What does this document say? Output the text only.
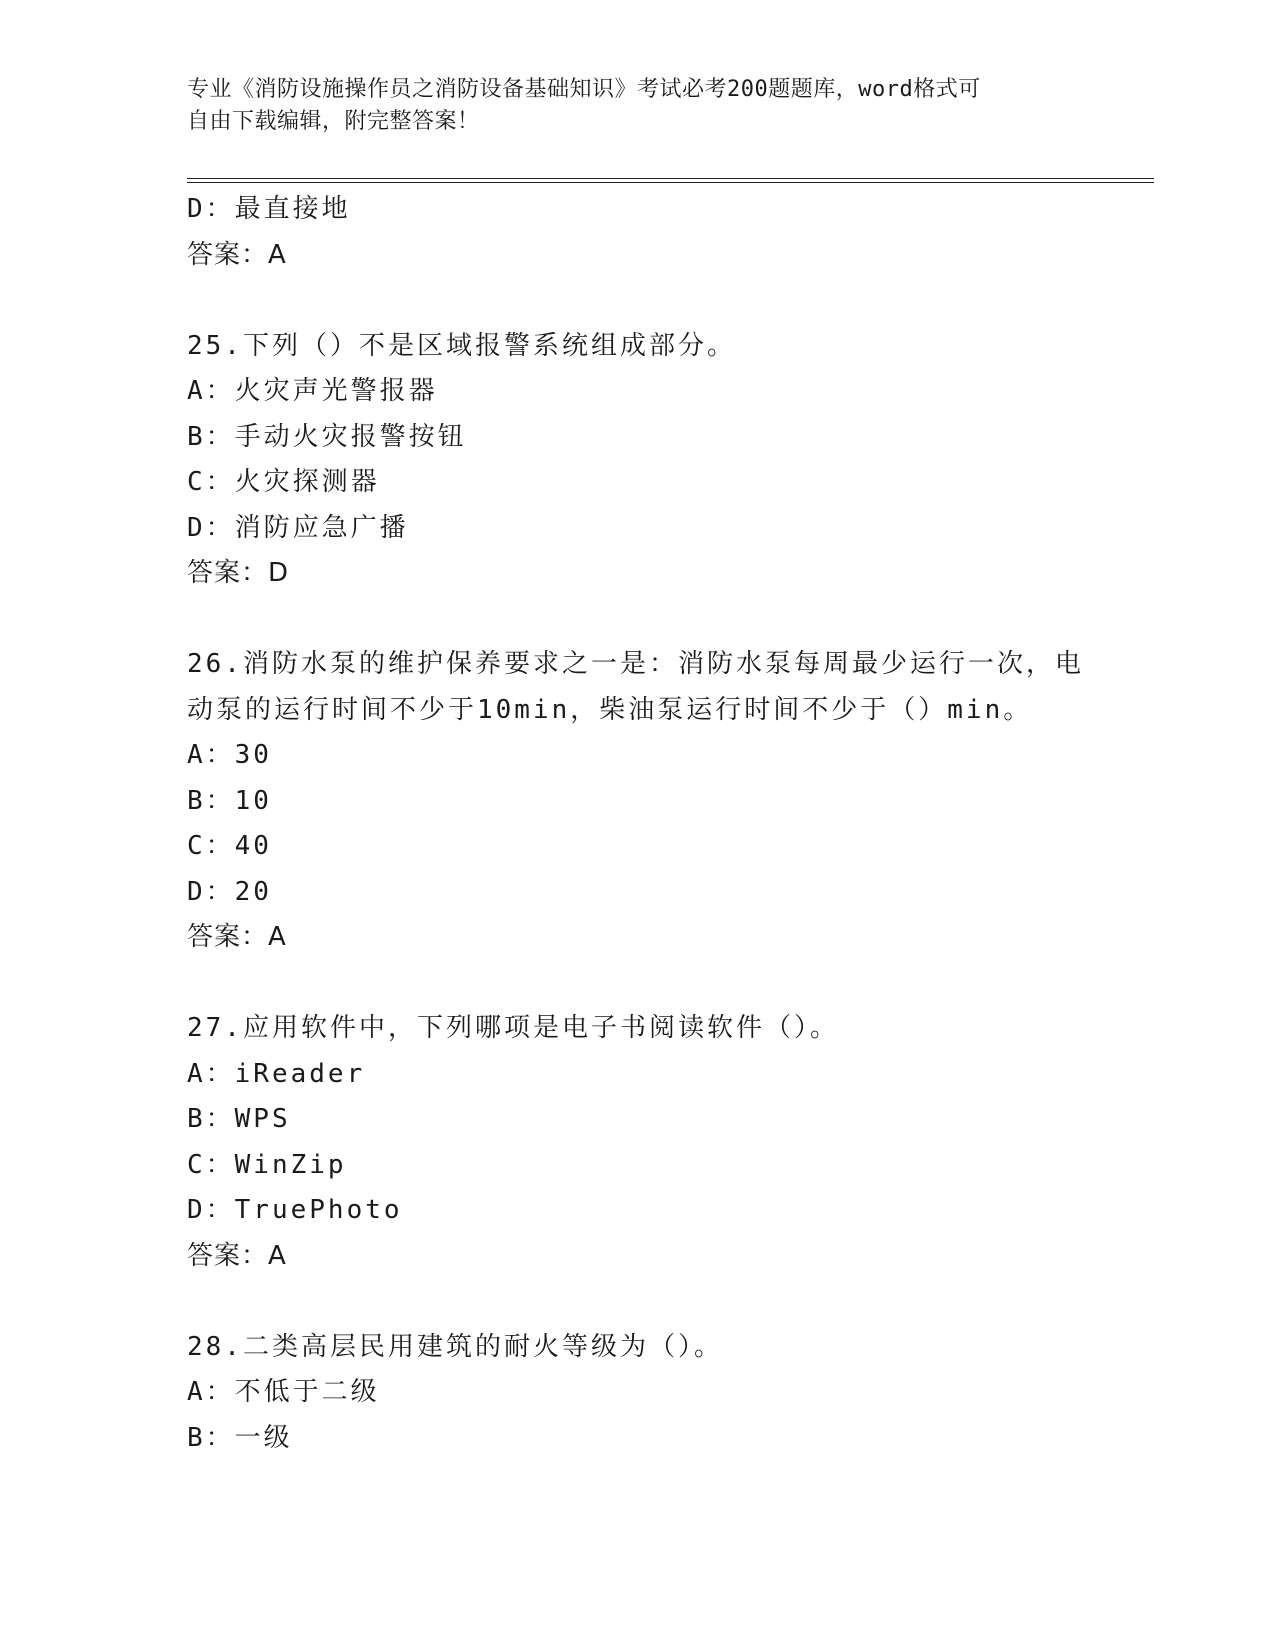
专业《消防设施操作员之消防设备基础知识》考试必考200题题库，word格式可
自由下载编辑，附完整答案！
D：最直接地
答案：A
25.下列（）不是区域报警系统组成部分。
A：火灾声光警报器
B：手动火灾报警按钮
C：火灾探测器
D：消防应急广播
答案：D
26.消防水泵的维护保养要求之一是：消防水泵每周最少运行一次，电
动泵的运行时间不少于10min，柴油泵运行时间不少于（）min。
A：30
B：10
C：40
D：20
答案：A
27.应用软件中，下列哪项是电子书阅读软件（）。
A：iReader
B：WPS
C：WinZip
D：TruePhoto
答案：A
28.二类高层民用建筑的耐火等级为（）。
A：不低于二级
B：一级
